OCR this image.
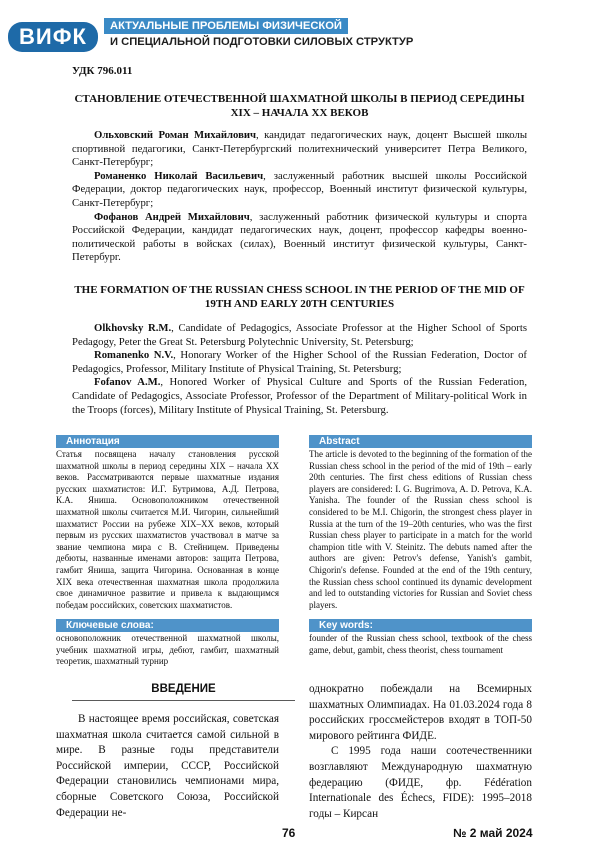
ВИФК	АКТУАЛЬНЫЕ ПРОБЛЕМЫ ФИЗИЧЕСКОЙ
И СПЕЦИАЛЬНОЙ ПОДГОТОВКИ СИЛОВЫХ СТРУКТУР
УДК 796.011
СТАНОВЛЕНИЕ ОТЕЧЕСТВЕННОЙ ШАХМАТНОЙ ШКОЛЫ В ПЕРИОД СЕРЕДИНЫ XIX – НАЧАЛА XX ВЕКОВ

Ольховский Роман Михайлович, кандидат педагогических наук, доцент Высшей школы спортивной педагогики, Санкт-Петербургский политехнический университет Петра Великого, Санкт-Петербург;

Романенко Николай Васильевич, заслуженный работник высшей школы Российской Федерации, доктор педагогических наук, профессор, Военный институт физической культуры, Санкт-Петербург;

Фофанов Андрей Михайлович, заслуженный работник физической культуры и спорта Российской Федерации, кандидат педагогических наук, доцент, профессор кафедры военно-политической работы в войсках (силах), Военный институт физической культуры, Санкт-Петербург.

THE FORMATION OF THE RUSSIAN CHESS SCHOOL IN THE PERIOD OF THE MID OF 19TH AND EARLY 20TH CENTURIES

Olkhovsky R.M., Candidate of Pedagogics, Associate Professor at the Higher School of Sports Pedagogy, Peter the Great St. Petersburg Polytechnic University, St. Petersburg;

Romanenko N.V., Honorary Worker of the Higher School of the Russian Federation, Doctor of Pedagogics, Professor, Military Institute of Physical Training, St. Petersburg;

Fofanov A.M., Honored Worker of Physical Culture and Sports of the Russian Federation, Candidate of Pedagogics, Associate Professor, Professor of the Department of Military-political Work in the Troops (forces), Military Institute of Physical Training, St. Petersburg.

Аннотация

Статья посвящена началу становления русской шахматной школы в период середины XIX – начала XX веков. Рассматриваются первые шахматные издания русских шахматистов: И.Г. Бутримова, А.Д. Петрова, К.А. Яниша. Основоположником отечественной шахматной школы считается М.И. Чигорин, сильнейший шахматист России на рубеже XIX–XX веков, который первым из русских шахматистов участвовал в матче за звание чемпиона мира с В. Стейницем. Приведены дебюты, названные именами авторов: защита Петрова, гамбит Яниша, защита Чигорина. Основанная в конце XIX века отечественная шахматная школа продолжила свое динамичное развитие и привела к выдающимся победам российских, советских шахматистов.

Abstract

The article is devoted to the beginning of the formation of the Russian chess school in the period of the mid of 19th – early 20th centuries. The first chess editions of Russian chess players are considered: I. G. Bugrimova, A. D. Petrova, K.A. Yanisha. The founder of the Russian chess school is considered to be M.I. Chigorin, the strongest chess player in Russia at the turn of the 19–20th centuries, who was the first Russian chess player to participate in a match for the world champion title with V. Steinitz. The debuts named after the authors are given: Petrov's defense, Yanish's gambit, Chigorin's defense. Founded at the end of the 19th century, the Russian chess school continued its dynamic development and led to outstanding victories for Russian and Soviet chess players.

Ключевые слова:

основоположник отечественной шахматной школы, учебник шахматной игры, дебют, гамбит, шахматный теоретик, шахматный турнир

Key words:

founder of the Russian chess school, textbook of the chess game, debut, gambit, chess theorist, chess tournament

ВВЕДЕНИЕ

В настоящее время российская, советская шахматная школа считается самой сильной в мире. В разные годы представители Российской империи, СССР, Российской Федерации становились чемпионами мира, сборные Советского Союза, Российской Федерации не-

однократно побеждали на Всемирных шахматных Олимпиадах. На 01.03.2024 года 8 российских гроссмейстеров входят в ТОП-50 мирового рейтинга ФИДЕ.

С 1995 года наши соотечественники возглавляют Международную шахматную федерацию (ФИДЕ, фр. Fédération Internationale des Échecs, FIDE): 1995–2018 годы – Кирсан

76	№ 2 май 2024
